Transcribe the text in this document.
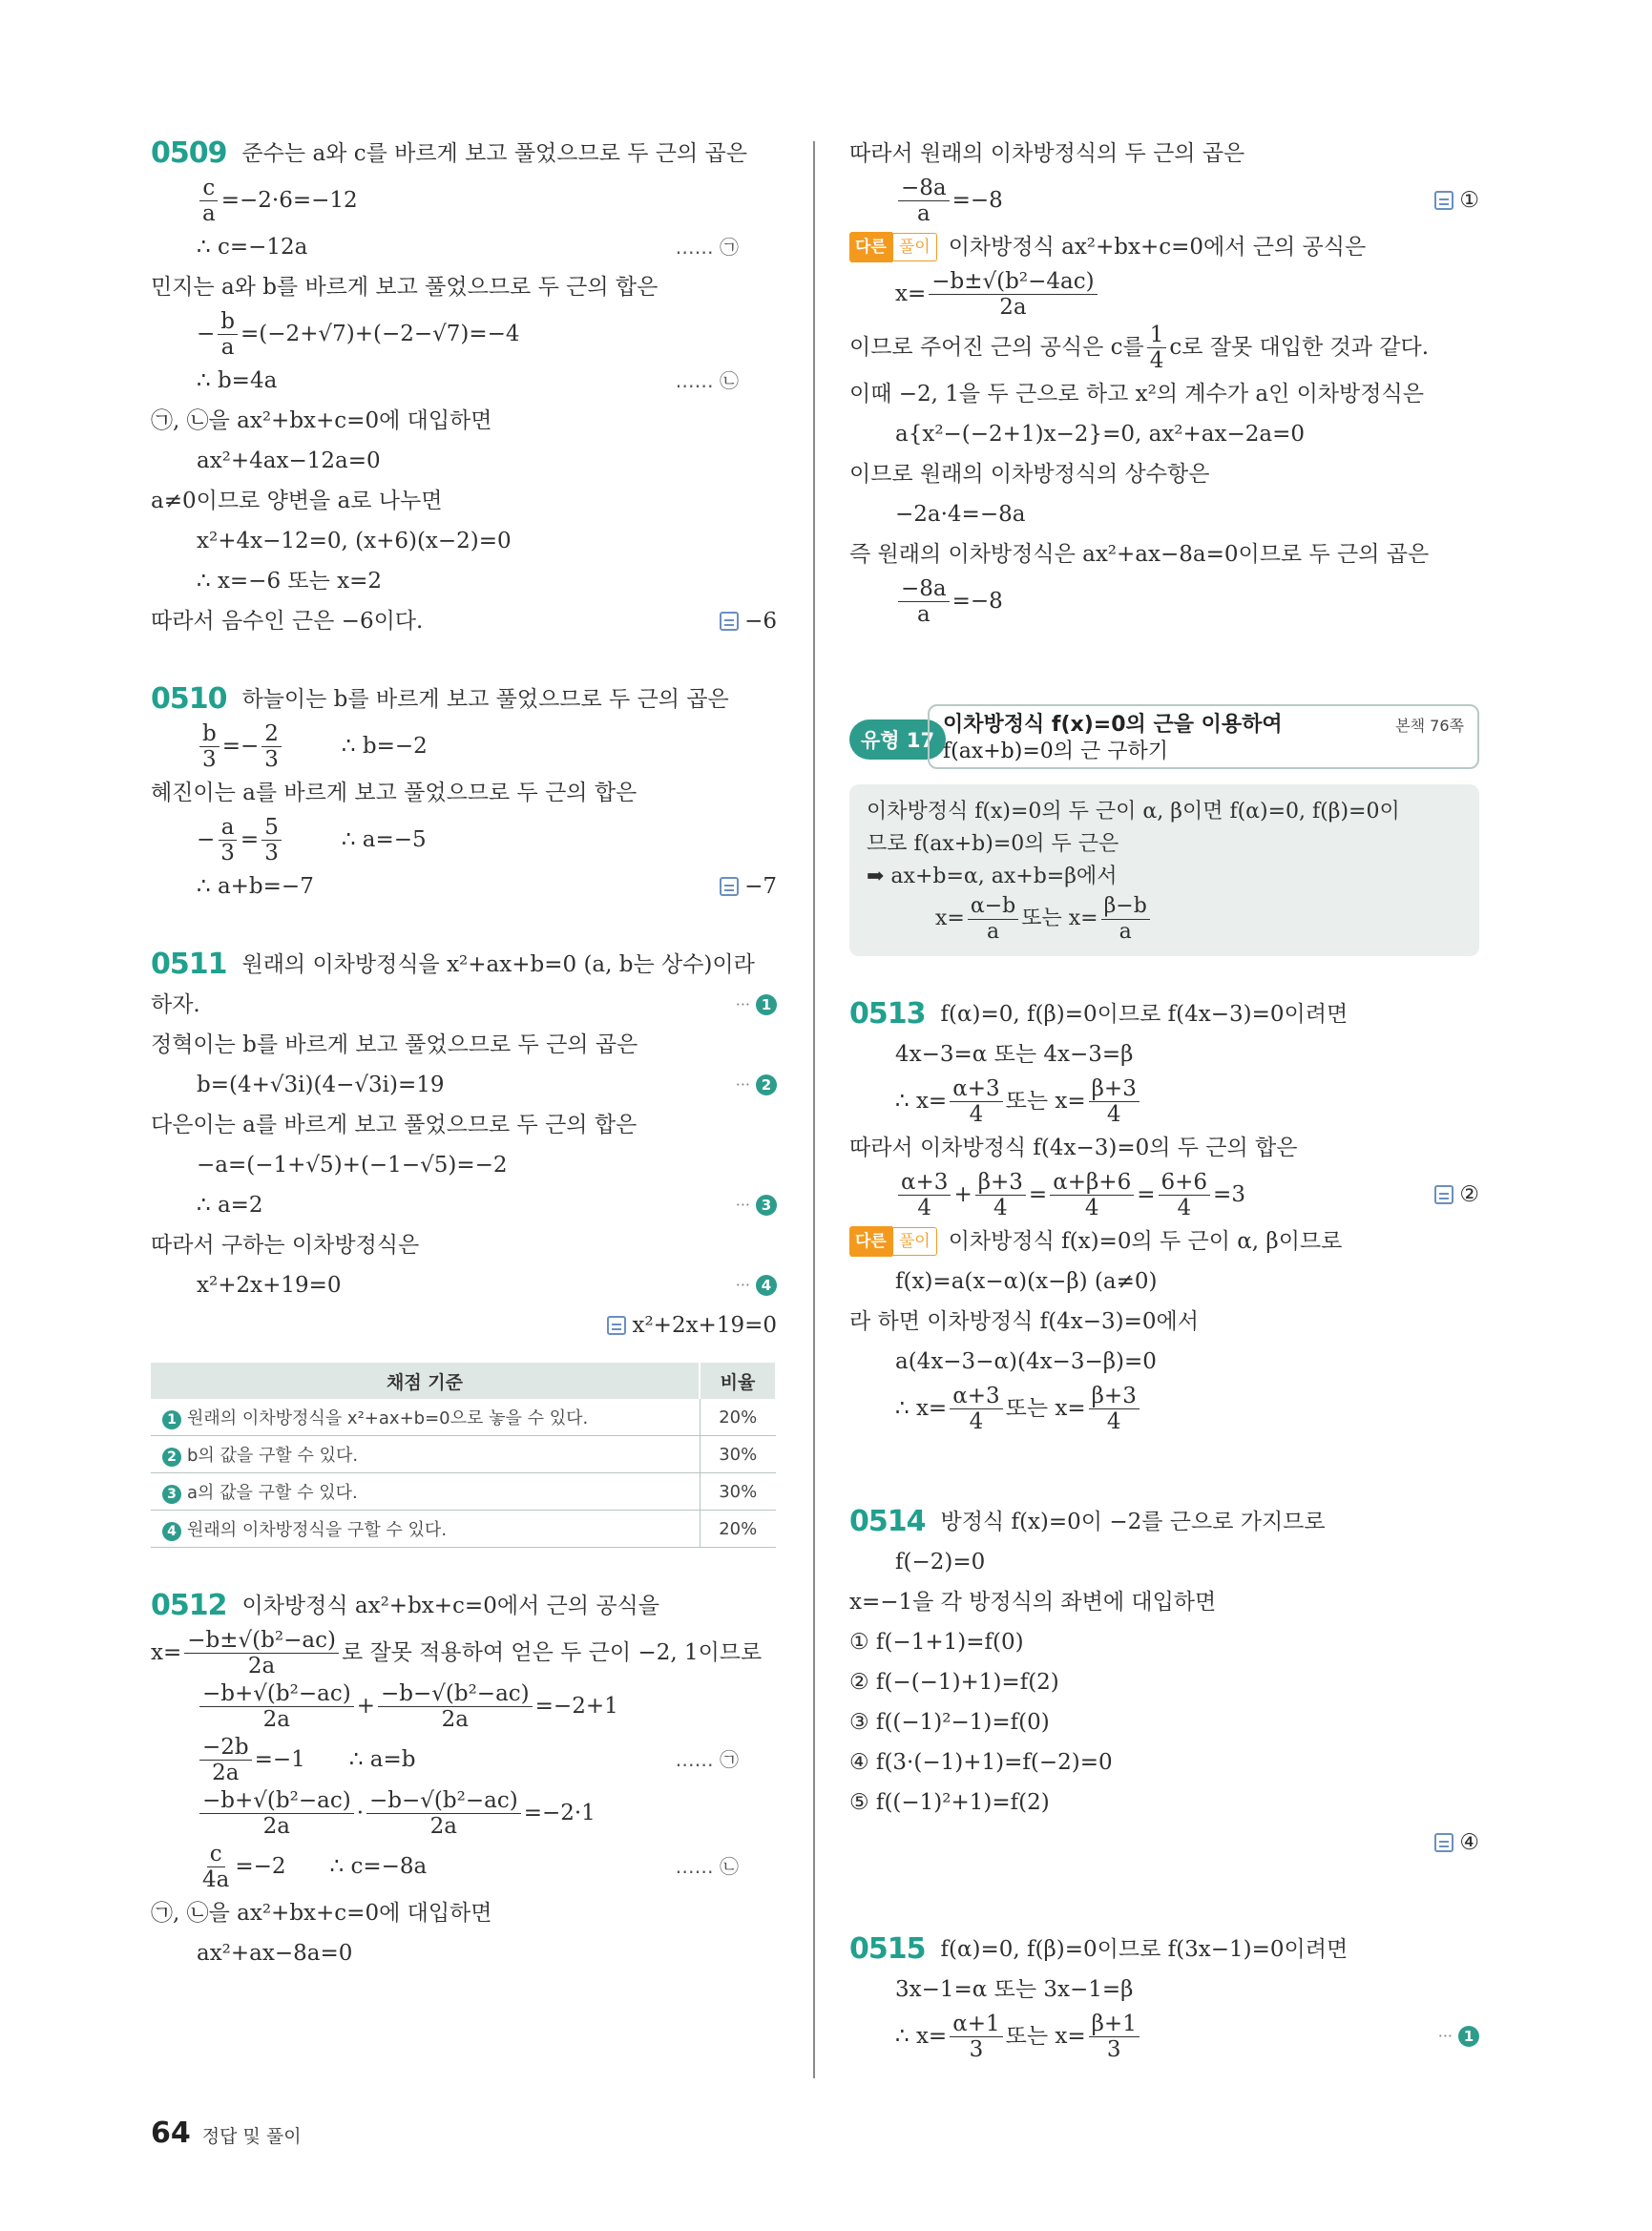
0509 준수는 a와 c를 바르게 보고 풀었으므로 두 근의 곱은
$\frac{c}{a} =-2\cdot 6=-12$
∴ c=−12a	…… ㉠
민지는 a와 b를 바르게 보고 풀었으므로 두 근의 합은
− $\frac{b}{a} =(-2+√7)+(-2-√7)=-4$
∴ b=4a	…… ㉡
㉠, ㉡을 ax²+bx+c=0에 대입하면
ax²+4ax−12a=0
a≠0이므로 양변을 a로 나누면
x²+4x−12=0, (x+6)(x−2)=0
∴ x=−6 또는 x=2
따라서 음수인 근은 −6이다.	−6
0510 하늘이는 b를 바르게 보고 풀었으므로 두 근의 곱은
$\frac{b}{3} =- \frac{2}{3}$	∴ b=−2
혜진이는 a를 바르게 보고 풀었으므로 두 근의 합은
− $\frac{a}{3} = \frac{5}{3}$	∴ a=−5
∴ a+b=−7	−7
0511 원래의 이차방정식을 x²+ax+b=0 (a, b는 상수)이라
하자.	··· 1
정혁이는 b를 바르게 보고 풀었으므로 두 근의 곱은
b=(4+√3i)(4−√3i)=19	··· 2
다은이는 a를 바르게 보고 풀었으므로 두 근의 합은
−a=(−1+√5)+(−1−√5)=−2
∴ a=2	··· 3
따라서 구하는 이차방정식은
x²+2x+19=0	··· 4
x²+2x+19=0
채점 기준	비율
1 원래의 이차방정식을 x²+ax+b=0으로 놓을 수 있다.	20%
2 b의 값을 구할 수 있다.	30%
3 a의 값을 구할 수 있다.	30%
4 원래의 이차방정식을 구할 수 있다.	20%
0512 이차방정식 ax²+bx+c=0에서 근의 공식을
$x= \frac{\text{−b±√(b²−ac)}}{2a}$ 로 잘못 적용하여 얻은 두 근이 −2, 1이므로
$\frac{\text{−b+√(b²−ac)}}{2a} + \frac{\text{−b−√(b²−ac)}}{2a} =-2+1$
$\frac{-2b}{2a} =-1$ ∴ a=b	…… ㉠
$\frac{\text{−b+√(b²−ac)}}{2a} \cdot \frac{\text{−b−√(b²−ac)}}{2a} =-2\cdot 1$
$\frac{c}{4a} =-2$ ∴ c=−8a	…… ㉡
㉠, ㉡을 ax²+bx+c=0에 대입하면
ax²+ax−8a=0
따라서 원래의 이차방정식의 두 근의 곱은
$\frac{-8a}{a} =-8$	①
다른 풀이 이차방정식 ax²+bx+c=0에서 근의 공식은
$x= \frac{\text{−b±√(b²−4ac)}}{2a}$
이므로 주어진 근의 공식은 c를 $\frac{1}{4}$ c로 잘못 대입한 것과 같다.
이때 −2, 1을 두 근으로 하고 x²의 계수가 a인 이차방정식은
a{x²−(−2+1)x−2}=0, ax²+ax−2a=0
이므로 원래의 이차방정식의 상수항은
−2a·4=−8a
즉 원래의 이차방정식은 ax²+ax−8a=0이므로 두 근의 곱은
$\frac{-8a}{a} =-8$
유형 17
이차방정식 f(x)=0의 근을 이용하여
f(ax+b)=0의 근 구하기
본책 76쪽
이차방정식 f(x)=0의 두 근이 α, β이면 f(α)=0, f(β)=0이
므로 f(ax+b)=0의 두 근은
➡ ax+b=α, ax+b=β에서
$x= \frac{\alpha-b}{a}$ 또는 $x= \frac{\beta-b}{a}$
0513 f(α)=0, f(β)=0이므로 f(4x−3)=0이려면
4x−3=α 또는 4x−3=β
∴ $x= \frac{\alpha+3}{4}$ 또는 $x= \frac{\beta+3}{4}$
따라서 이차방정식 f(4x−3)=0의 두 근의 합은
$\frac{\alpha+3}{4} + \frac{\beta+3}{4} = \frac{\alpha+\beta+6}{4} = \frac{6+6}{4} =3$	②
다른 풀이 이차방정식 f(x)=0의 두 근이 α, β이므로
f(x)=a(x−α)(x−β) (a≠0)
라 하면 이차방정식 f(4x−3)=0에서
a(4x−3−α)(4x−3−β)=0
∴ $x= \frac{\alpha+3}{4}$ 또는 $x= \frac{\beta+3}{4}$
0514 방정식 f(x)=0이 −2를 근으로 가지므로
f(−2)=0
x=−1을 각 방정식의 좌변에 대입하면
① f(−1+1)=f(0)
② f(−(−1)+1)=f(2)
③ f((−1)²−1)=f(0)
④ f(3·(−1)+1)=f(−2)=0
⑤ f((−1)²+1)=f(2)
④
0515 f(α)=0, f(β)=0이므로 f(3x−1)=0이려면
3x−1=α 또는 3x−1=β
∴ $x= \frac{\alpha+1}{3}$ 또는 $x= \frac{\beta+1}{3}$	··· 1
64 정답 및 풀이
